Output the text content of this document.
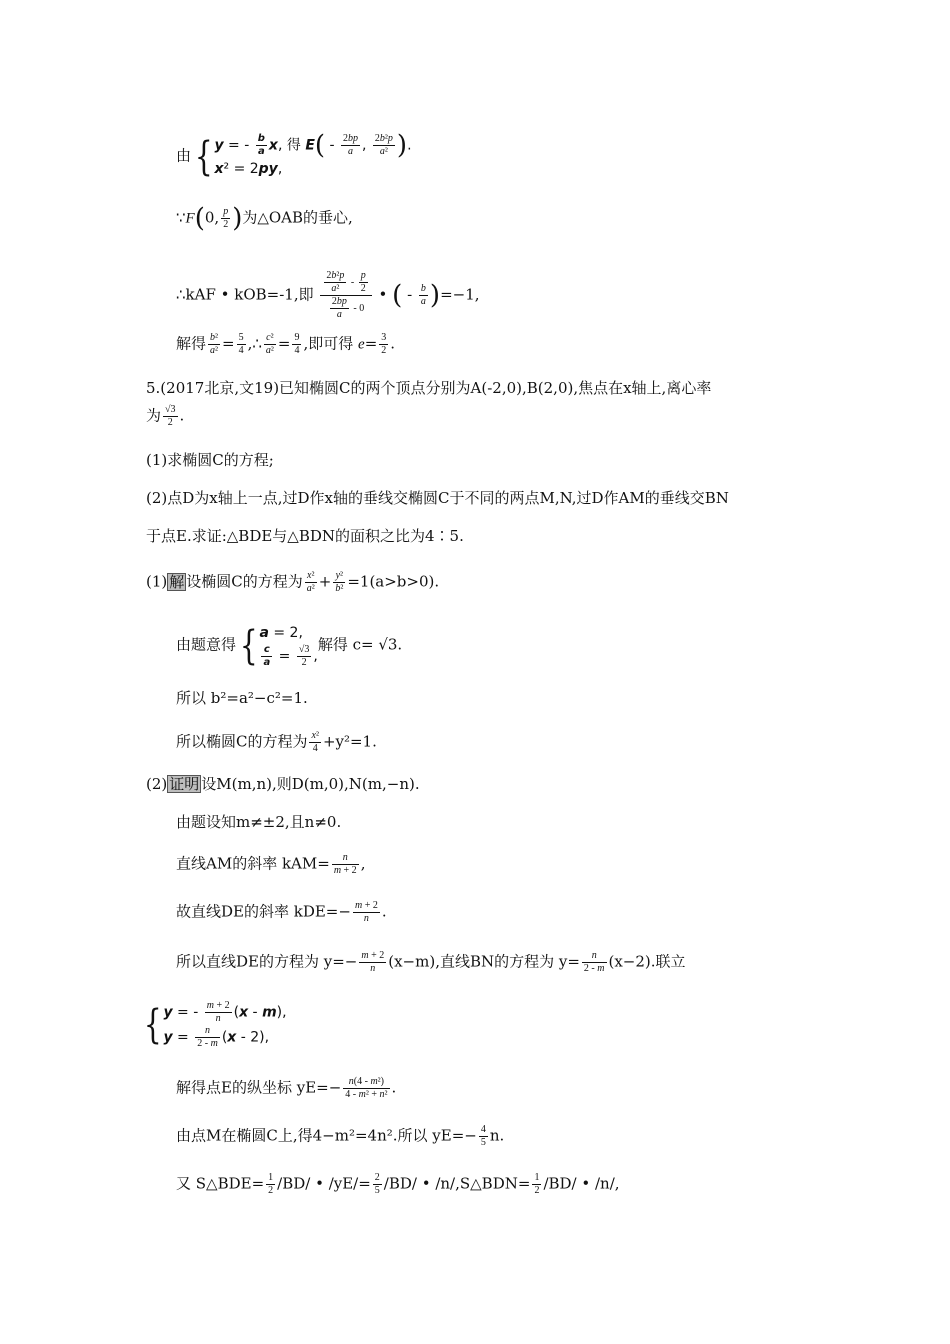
由{ y = - $\frac{b}{a} x$, 得 $E( - \frac{2bp}{a}$ , $\frac{\text{2b²p}}{\text{a²}}$ ).
x² = 2py,
∵F(0, $\frac{p}{2}$ )为△OAB的垂心,
∴kAF • kOB=-1,即 $\frac{\frac{\text{2b²p}}{\text{a²}} - \frac{p}{2}}{\frac{2bp}{a} - 0}$ • ( - $\frac{b}{a} )=-1$,
解得 $\frac{\text{b²}}{\text{a²}} = \frac{5}{4}$ ,∴ $\frac{\text{c²}}{\text{a²}} = \frac{9}{4}$ ,即可得 $e= \frac{3}{2}$ .
5.(2017北京,文19)已知椭圆C的两个顶点分别为A(-2,0),B(2,0),焦点在x轴上,离心率
为 $\frac{√3}{2}$ .
(1)求椭圆C的方程;
(2)点D为x轴上一点,过D作x轴的垂线交椭圆C于不同的两点M,N,过D作AM的垂线交BN
于点E.求证:△BDE与△BDN的面积之比为4∶5.
(1) 解 设椭圆C的方程为 $\frac{\text{x²}}{\text{a²}} + \frac{\text{y²}}{\text{b²}} =1(a>b>0)$.
由题意得{ a = 2,
$\frac{c}{a} = \frac{√3}{2}$ ,
解得 c= √3.
所以 b²=a²−c²=1.
所以椭圆C的方程为 $\frac{\text{x²}}{4} +y^2=1$.
(2) 证明 设M(m,n),则D(m,0),N(m,−n).
由题设知m≠±2,且n≠0.
直线AM的斜率 $kAM= \frac{n}{m + 2}$ ,
故直线DE的斜率 $kDE=- \frac{m + 2}{n}$ .
所以直线DE的方程为 $y=- \frac{m + 2}{n} (x-m)$,直线BN的方程为 $y= \frac{n}{2 - m} (x-2)$.联立
{ y = - $\frac{m + 2}{n} (x - m)$,
$y = \frac{n}{2 - m} (x - 2)$,
解得点E的纵坐标 $yE=- \frac{\text{n(4 - m²)}}{\text{4 - m² + n²}}$ .
由点M在椭圆C上,得4−m²=4n².所以 $yE=- \frac{4}{5} n$.
又 S△BDE= $\frac{1}{2} /BD/$ • $/yE/= \frac{2}{5} /BD/$ • /n/,S△BDN= $\frac{1}{2} /BD/$ • /n/,
